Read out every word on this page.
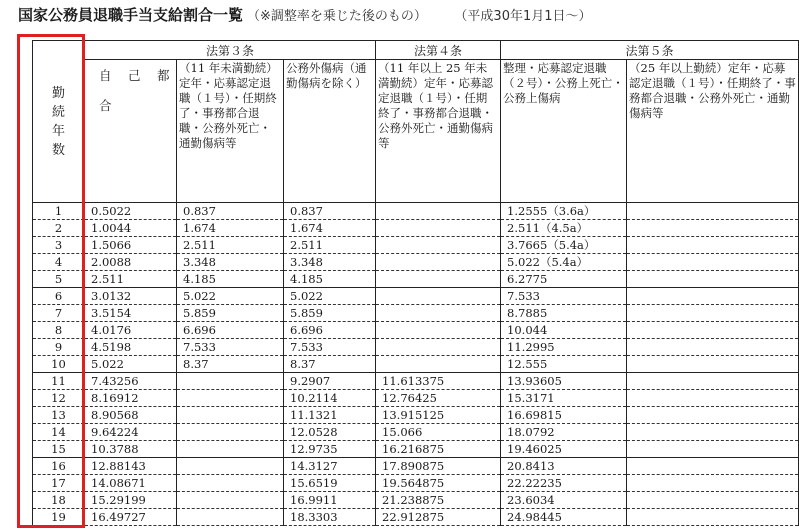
国家公務員退職手当支給割合一覧 （※調整率を乗じた後のもの）	（平成30年1月1日〜）
勤続年数	法第３条			法第４条	法第５条	
	自　己　都　合	（11 年未満勤続）定年・応募認定退職（１号）・任期終了・事務都合退職・公務外死亡・通勤傷病等	公務外傷病（通勤傷病を除く）	（11 年以上 25 年未満勤続）定年・応募認定退職（１号）・任期終了・事務都合退職・公務外死亡・通勤傷病等	整理・応募認定退職（２号）・公務上死亡・公務上傷病	（25 年以上勤続）定年・応募認定退職（１号）・任期終了・事務都合退職・公務外死亡・通勤傷病等
1	0.5022	0.837	0.837		1.2555（3.6a）	
2	1.0044	1.674	1.674		2.511（4.5a）	
3	1.5066	2.511	2.511		3.7665（5.4a）	
4	2.0088	3.348	3.348		5.022（5.4a）	
5	2.511	4.185	4.185		6.2775	
6	3.0132	5.022	5.022		7.533	
7	3.5154	5.859	5.859		8.7885	
8	4.0176	6.696	6.696		10.044	
9	4.5198	7.533	7.533		11.2995	
10	5.022	8.37	8.37		12.555	
11	7.43256		9.2907	11.613375	13.93605	
12	8.16912		10.2114	12.76425	15.3171	
13	8.90568		11.1321	13.915125	16.69815	
14	9.64224		12.0528	15.066	18.0792	
15	10.3788		12.9735	16.216875	19.46025	
16	12.88143		14.3127	17.890875	20.8413	
17	14.08671		15.6519	19.564875	22.22235	
18	15.29199		16.9911	21.238875	23.6034	
19	16.49727		18.3303	22.912875	24.98445	
